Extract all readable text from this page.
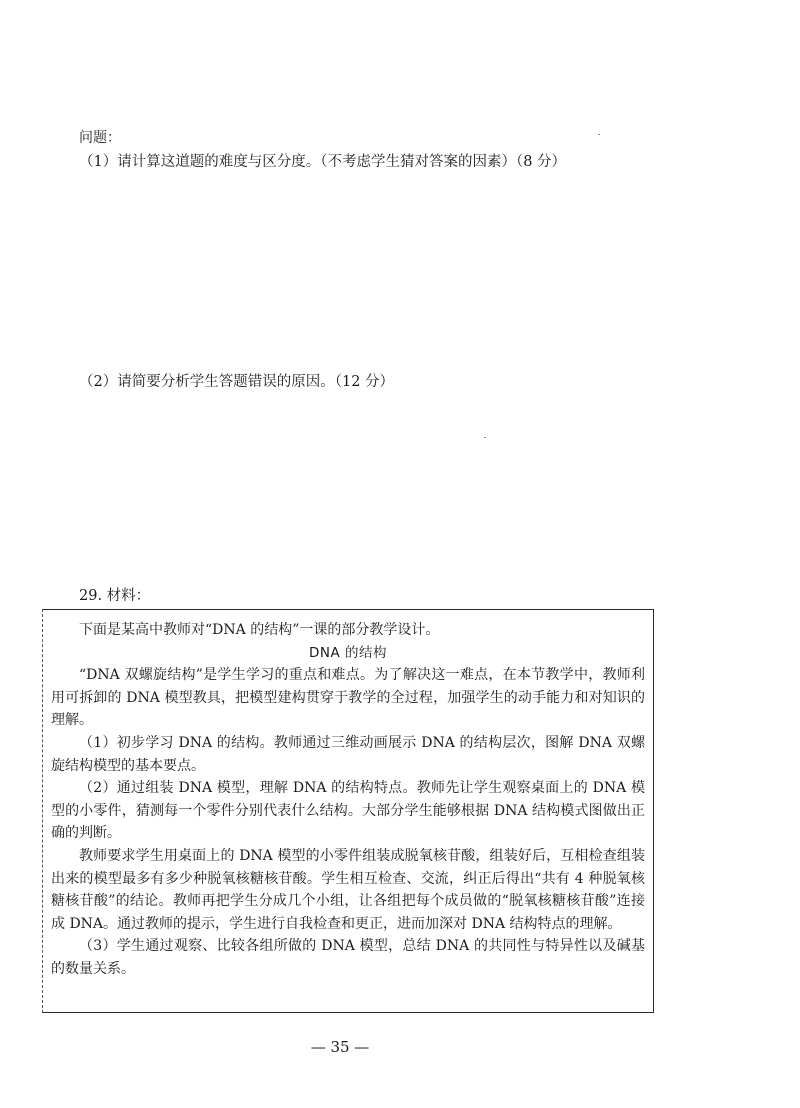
问题：
（1）请计算这道题的难度与区分度。（不考虑学生猜对答案的因素）（8 分）
（2）请简要分析学生答题错误的原因。（12 分）
29. 材料：

下面是某高中教师对“DNA 的结构”一课的部分教学设计。

DNA 的结构

“DNA 双螺旋结构”是学生学习的重点和难点。为了解决这一难点，在本节教学中，教师利用可拆卸的 DNA 模型教具，把模型建构贯穿于教学的全过程，加强学生的动手能力和对知识的理解。

（1）初步学习 DNA 的结构。教师通过三维动画展示 DNA 的结构层次，图解 DNA 双螺旋结构模型的基本要点。

（2）通过组装 DNA 模型，理解 DNA 的结构特点。教师先让学生观察桌面上的 DNA 模型的小零件，猜测每一个零件分别代表什么结构。大部分学生能够根据 DNA 结构模式图做出正确的判断。

教师要求学生用桌面上的 DNA 模型的小零件组装成脱氧核苷酸，组装好后，互相检查组装出来的模型最多有多少种脱氧核糖核苷酸。学生相互检查、交流，纠正后得出“共有 4 种脱氧核糖核苷酸”的结论。教师再把学生分成几个小组，让各组把每个成员做的“脱氧核糖核苷酸”连接成 DNA。通过教师的提示，学生进行自我检查和更正，进而加深对 DNA 结构特点的理解。

（3）学生通过观察、比较各组所做的 DNA 模型，总结 DNA 的共同性与特异性以及碱基的数量关系。

— 35 —
